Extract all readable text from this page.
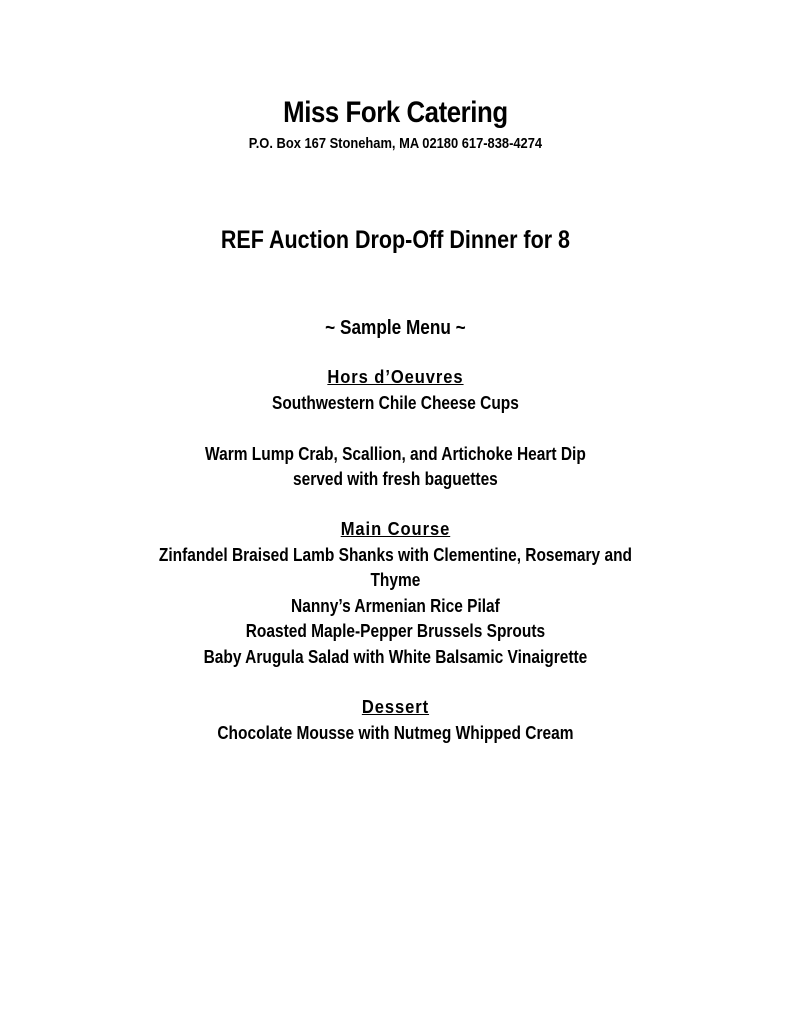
Miss Fork Catering
P.O. Box 167 Stoneham, MA 02180 617-838-4274
REF Auction Drop-Off Dinner for 8
~ Sample Menu ~
Hors d’Oeuvres
Southwestern Chile Cheese Cups
Warm Lump Crab, Scallion, and Artichoke Heart Dip
served with fresh baguettes
Main Course
Zinfandel Braised Lamb Shanks with Clementine, Rosemary and
Thyme
Nanny’s Armenian Rice Pilaf
Roasted Maple-Pepper Brussels Sprouts
Baby Arugula Salad with White Balsamic Vinaigrette
Dessert
Chocolate Mousse with Nutmeg Whipped Cream
